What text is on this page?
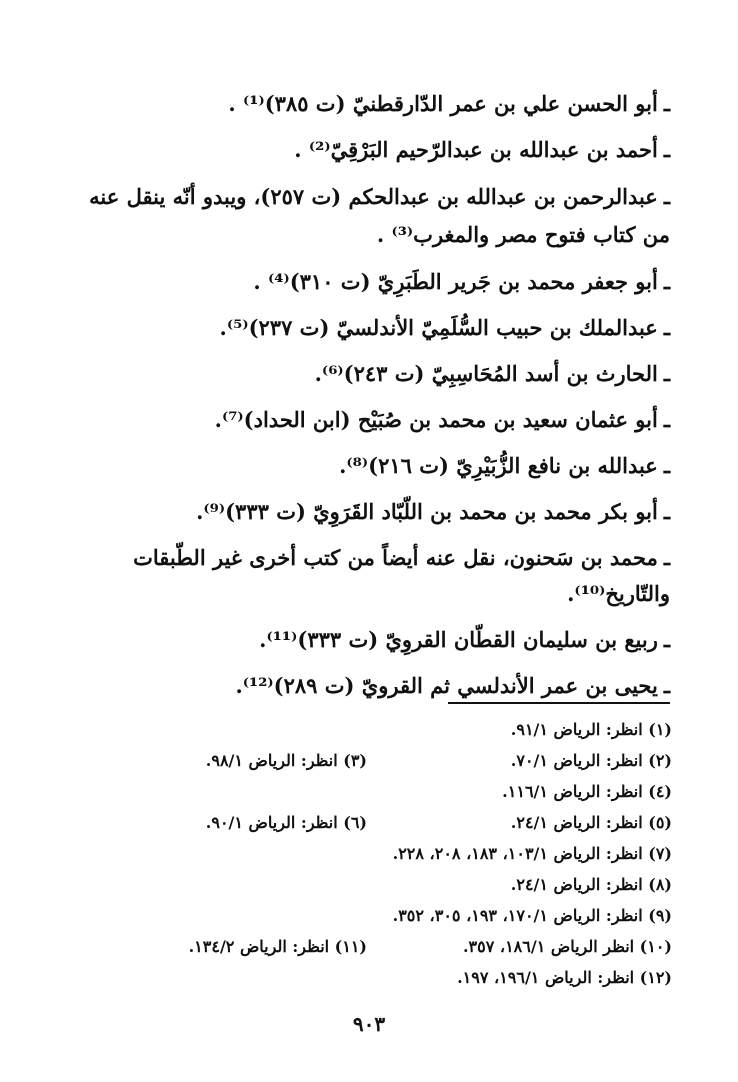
ـأبو الحسن علي بن عمر الدّارقطنيّ (ت ٣٨٥)⁽¹⁾ .

ـأحمد بن عبدالله بن عبدالرّحيم البَرْقِيّ⁽²⁾ .

ـعبدالرحمن بن عبدالله بن عبدالحكم (ت ٢٥٧)، ويبدو أنّه ينقل عنه من كتاب فتوح مصر والمغرب⁽³⁾ .

ـأبو جعفر محمد بن جَرير الطَبَرِيّ (ت ٣١٠)⁽⁴⁾ .

ـعبدالملك بن حبيب السُّلَمِيّ الأندلسيّ (ت ٢٣٧)⁽⁵⁾.

ـالحارث بن أسد المُحَاسِبِيّ (ت ٢٤٣)⁽⁶⁾.

ـأبو عثمان سعيد بن محمد بن صُبَيْح (ابن الحداد)⁽⁷⁾.

ـعبدالله بن نافع الزُّبَيْرِيّ (ت ٢١٦)⁽⁸⁾.

ـأبو بكر محمد بن محمد بن اللّبّاد القَرَوِيّ (ت ٣٣٣)⁽⁹⁾.

ـمحمد بن سَحنون، نقل عنه أيضاً من كتب أخرى غير الطّبقات والتّاريخ⁽¹⁰⁾.

ـربيع بن سليمان القطّان القروِيّ (ت ٣٣٣)⁽¹¹⁾.

ـيحيى بن عمر الأندلسي ثم القرويّ (ت ٢٨٩)⁽¹²⁾.

(١) انظر: الرياض ٩١/١.
(٢) انظر: الرياض ٧٠/١.
(٣) انظر: الرياض ٩٨/١.
(٤) انظر: الرياض ١١٦/١.
(٥) انظر: الرياض ٢٤/١.
(٦) انظر: الرياض ٩٠/١.
(٧) انظر: الرياض ١٠٣/١، ١٨٣، ٢٠٨، ٢٢٨.
(٨) انظر: الرياض ٢٤/١.
(٩) انظر: الرياض ١٧٠/١، ١٩٣، ٣٠٥، ٣٥٢.
(١٠) انظر الرياض ١٨٦/١، ٣٥٧.
(١١) انظر: الرياض ١٣٤/٢.
(١٢) انظر: الرياض ١٩٦/١، ١٩٧.
٩٠٣
